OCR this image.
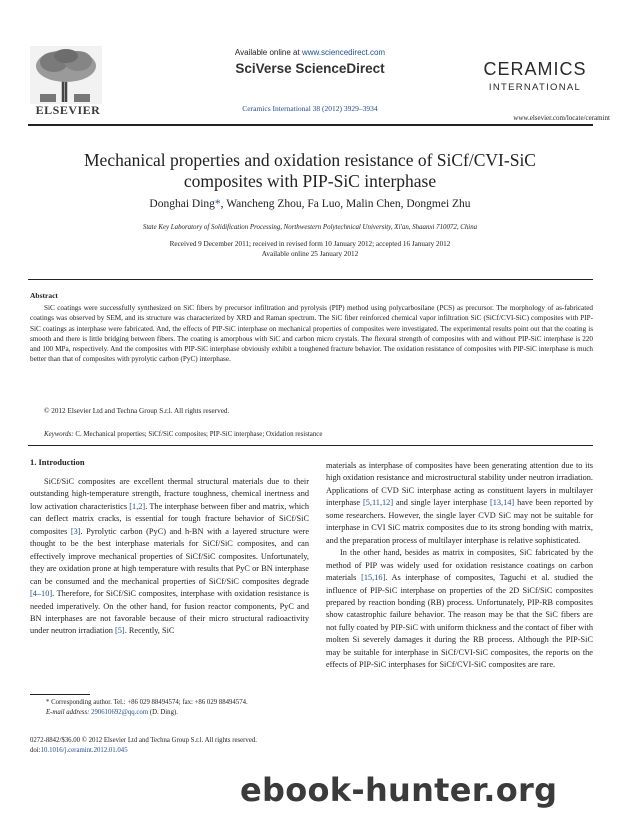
ELSEVIER
Available online at www.sciencedirect.com
SciVerse ScienceDirect
Ceramics International 38 (2012) 3929–3934
CERAMICS
INTERNATIONAL
www.elsevier.com/locate/ceramint
Mechanical properties and oxidation resistance of SiCf/CVI-SiC
composites with PIP-SiC interphase
Donghai Ding*, Wancheng Zhou, Fa Luo, Malin Chen, Dongmei Zhu
State Key Laboratory of Solidification Processing, Northwestern Polytechnical University, Xi'an, Shaanxi 710072, China
Received 9 December 2011; received in revised form 10 January 2012; accepted 16 January 2012
Available online 25 January 2012
Abstract
SiC coatings were successfully synthesized on SiC fibers by precursor infiltration and pyrolysis (PIP) method using polycarbosilane (PCS) as precursor. The morphology of as-fabricated coatings was observed by SEM, and its structure was characterized by XRD and Raman spectrum. The SiC fiber reinforced chemical vapor infiltration SiC (SiCf/CVI-SiC) composites with PIP-SiC coatings as interphase were fabricated. And, the effects of PIP-SiC interphase on mechanical properties of composites were investigated. The experimental results point out that the coating is smooth and there is little bridging between fibers. The coating is amorphous with SiC and carbon micro crystals. The flexural strength of composites with and without PIP-SiC interphase is 220 and 100 MPa, respectively. And the composites with PIP-SiC interphase obviously exhibit a toughened fracture behavior. The oxidation resistance of composites with PIP-SiC interphase is much better than that of composites with pyrolytic carbon (PyC) interphase.
© 2012 Elsevier Ltd and Techna Group S.r.l. All rights reserved.
Keywords: C. Mechanical properties; SiCf/SiC composites; PIP-SiC interphase; Oxidation resistance
1. Introduction

SiCf/SiC composites are excellent thermal structural materials due to their outstanding high-temperature strength, fracture toughness, chemical inertness and low activation characteristics [1,2]. The interphase between fiber and matrix, which can deflect matrix cracks, is essential for tough fracture behavior of SiCf/SiC composites [3]. Pyrolytic carbon (PyC) and h-BN with a layered structure were thought to be the best interphase materials for SiCf/SiC composites, and can effectively improve mechanical properties of SiCf/SiC composites. Unfortunately, they are oxidation prone at high temperature with results that PyC or BN interphase can be consumed and the mechanical properties of SiCf/SiC composites degrade [4–10]. Therefore, for SiCf/SiC composites, interphase with oxidation resistance is needed imperatively. On the other hand, for fusion reactor components, PyC and BN interphases are not favorable because of their micro structural radioactivity under neutron irradiation [5]. Recently, SiC

materials as interphase of composites have been generating attention due to its high oxidation resistance and microstructural stability under neutron irradiation. Applications of CVD SiC interphase acting as constituent layers in multilayer interphase [5,11,12] and single layer interphase [13,14] have been reported by some researchers. However, the single layer CVD SiC may not be suitable for interphase in CVI SiC matrix composites due to its strong bonding with matrix, and the preparation process of multilayer interphase is relative sophisticated.

In the other hand, besides as matrix in composites, SiC fabricated by the method of PIP was widely used for oxidation resistance coatings on carbon materials [15,16]. As interphase of composites, Taguchi et al. studied the influence of PIP-SiC interphase on properties of the 2D SiCf/SiC composites prepared by reaction bonding (RB) process. Unfortunately, PIP-RB composites show catastrophic failure behavior. The reason may be that the SiC fibers are not fully coated by PIP-SiC with uniform thickness and the contact of fiber with molten Si severely damages it during the RB process. Although the PIP-SiC may be suitable for interphase in SiCf/CVI-SiC composites, the reports on the effects of PIP-SiC interphases for SiCf/CVI-SiC composites are rare.

* Corresponding author. Tel.: +86 029 88494574; fax: +86 029 88494574.
E-mail address: 290610692@qq.com (D. Ding).
0272-8842/$36.00 © 2012 Elsevier Ltd and Techna Group S.r.l. All rights reserved.
doi:10.1016/j.ceramint.2012.01.045
ebook-hunter.org
